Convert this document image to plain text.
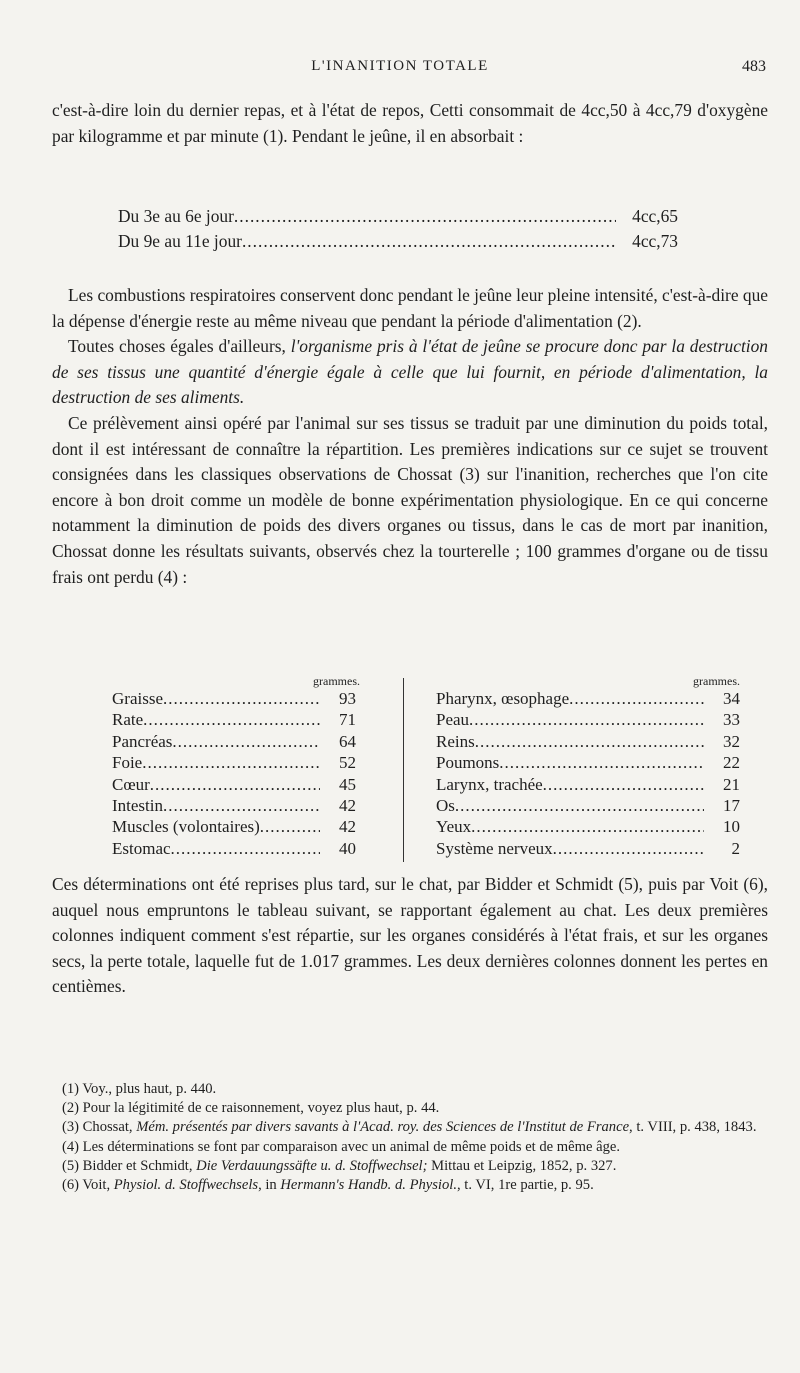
L'INANITION TOTALE	483

c'est-à-dire loin du dernier repas, et à l'état de repos, Cetti consommait de 4cc,50 à 4cc,79 d'oxygène par kilogramme et par minute (1). Pendant le jeûne, il en absorbait :

Du 3e au 6e jour .....	4cc,65
Du 9e au 11e jour .....	4cc,73

Les combustions respiratoires conservent donc pendant le jeûne leur pleine intensité, c'est-à-dire que la dépense d'énergie reste au même niveau que pendant la période d'alimentation (2).

Toutes choses égales d'ailleurs, l'organisme pris à l'état de jeûne se procure donc par la destruction de ses tissus une quantité d'énergie égale à celle que lui fournit, en période d'alimentation, la destruction de ses aliments.

Ce prélèvement ainsi opéré par l'animal sur ses tissus se traduit par une diminution du poids total, dont il est intéressant de connaître la répartition. Les premières indications sur ce sujet se trouvent consignées dans les classiques observations de Chossat (3) sur l'inanition, recherches que l'on cite encore à bon droit comme un modèle de bonne expérimentation physiologique. En ce qui concerne notamment la diminution de poids des divers organes ou tissus, dans le cas de mort par inanition, Chossat donne les résultats suivants, observés chez la tourterelle ; 100 grammes d'organe ou de tissu frais ont perdu (4) :

grammes.
Graisse .....	93
Rate .....	71
Pancréas .....	64
Foie .....	52
Cœur .....	45
Intestin .....	42
Muscles (volontaires) .....	42
Estomac .....	40
grammes.
Pharynx, œsophage .....	34
Peau .....	33
Reins .....	32
Poumons .....	22
Larynx, trachée .....	21
Os .....	17
Yeux .....	10
Système nerveux .....	2

Ces déterminations ont été reprises plus tard, sur le chat, par Bidder et Schmidt (5), puis par Voit (6), auquel nous empruntons le tableau suivant, se rapportant également au chat. Les deux premières colonnes indiquent comment s'est répartie, sur les organes considérés à l'état frais, et sur les organes secs, la perte totale, laquelle fut de 1.017 grammes. Les deux dernières colonnes donnent les pertes en centièmes.

(1) Voy., plus haut, p. 440.

(2) Pour la légitimité de ce raisonnement, voyez plus haut, p. 44.

(3) Chossat, Mém. présentés par divers savants à l'Acad. roy. des Sciences de l'Institut de France, t. VIII, p. 438, 1843.

(4) Les déterminations se font par comparaison avec un animal de même poids et de même âge.

(5) Bidder et Schmidt, Die Verdauungssäfte u. d. Stoffwechsel; Mittau et Leipzig, 1852, p. 327.

(6) Voit, Physiol. d. Stoffwechsels, in Hermann's Handb. d. Physiol., t. VI, 1re partie, p. 95.
